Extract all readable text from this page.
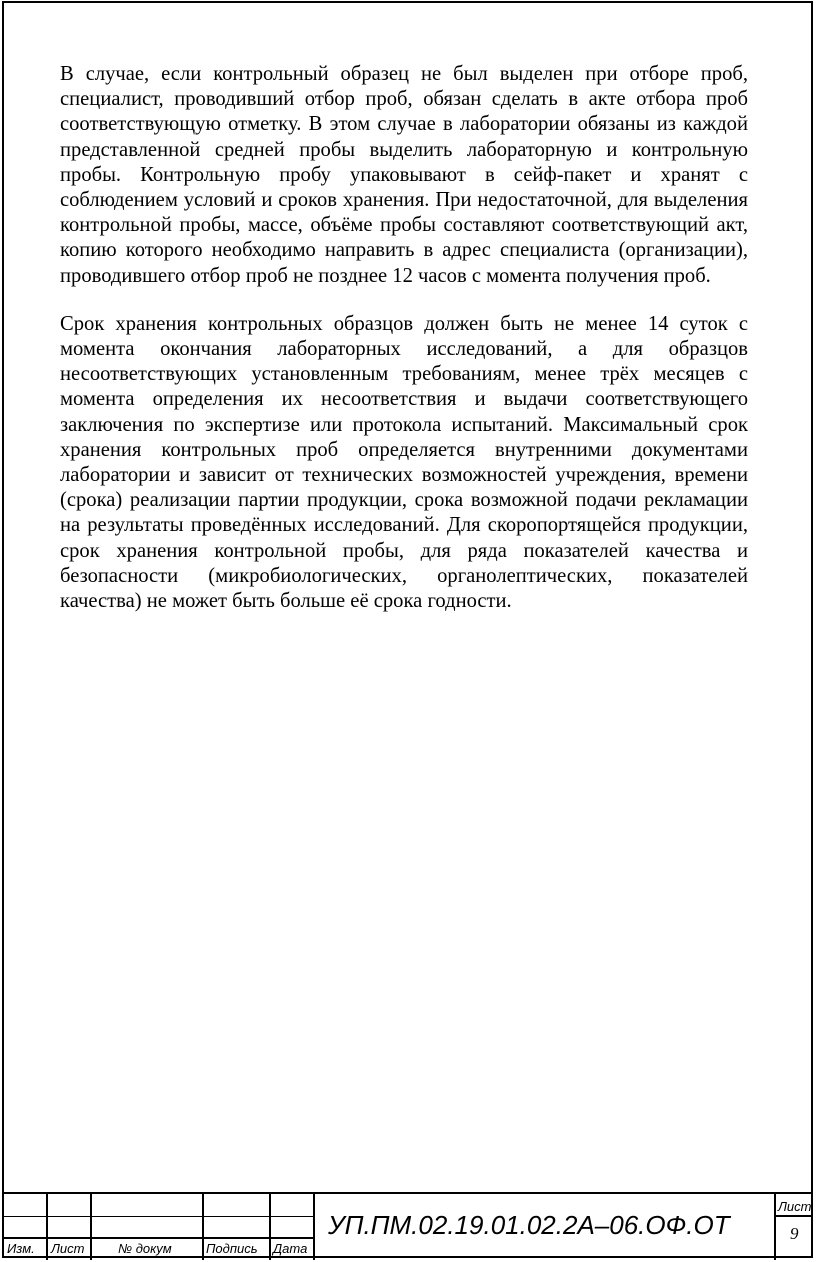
В случае, если контрольный образец не был выделен при отборе проб, специалист, проводивший отбор проб, обязан сделать в акте отбора проб соответствующую отметку. В этом случае в лаборатории обязаны из каждой представленной средней пробы выделить лабораторную и контрольную пробы. Контрольную пробу упаковывают в сейф-пакет и хранят с соблюдением условий и сроков хранения. При недостаточной, для выделения контрольной пробы, массе, объёме пробы составляют соответствующий акт, копию которого необходимо направить в адрес специалиста (организации), проводившего отбор проб не позднее 12 часов с момента получения проб.

Срок хранения контрольных образцов должен быть не менее 14 суток с момента окончания лабораторных исследований, а для образцов несоответствующих установленным требованиям, менее трёх месяцев с момента определения их несоответствия и выдачи соответствующего заключения по экспертизе или протокола испытаний. Максимальный срок хранения контрольных проб определяется внутренними документами лаборатории и зависит от технических возможностей учреждения, времени (срока) реализации партии продукции, срока возможной подачи рекламации на результаты проведённых исследований. Для скоропортящейся продукции, срок хранения контрольной пробы, для ряда показателей качества и безопасности (микробиологических, органолептических, показателей качества) не может быть больше её срока годности.

Изм. Лист	№ докум	Подпись Дата
УП.ПМ.02.19.01.02.2А–06.ОФ.ОТ
Лист
9
